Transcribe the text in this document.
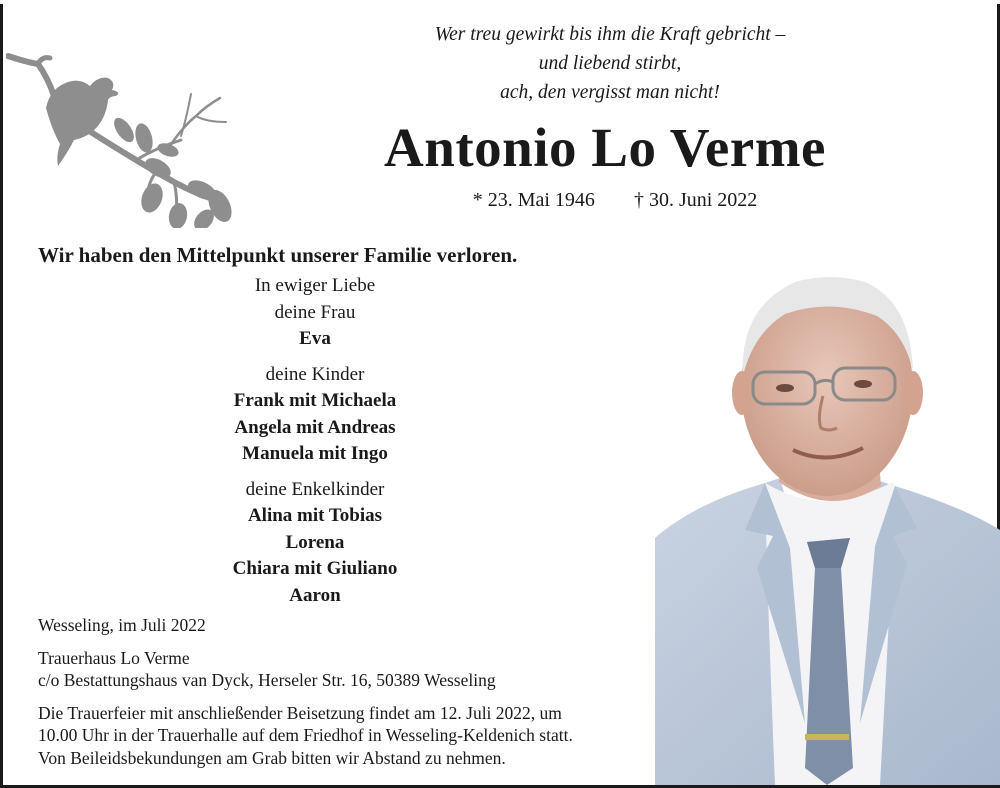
Wer treu gewirkt bis ihm die Kraft gebricht –
und liebend stirbt,
ach, den vergisst man nicht!
Antonio Lo Verme
* 23. Mai 1946 † 30. Juni 2022
Wir haben den Mittelpunkt unserer Familie verloren.
In ewiger Liebe
deine Frau
Eva
deine Kinder
Frank mit Michaela
Angela mit Andreas
Manuela mit Ingo
deine Enkelkinder
Alina mit Tobias
Lorena
Chiara mit Giuliano
Aaron
Wesseling, im Juli 2022
Trauerhaus Lo Verme
c/o Bestattungshaus van Dyck, Herseler Str. 16, 50389 Wesseling
Die Trauerfeier mit anschließender Beisetzung findet am 12. Juli 2022, um
10.00 Uhr in der Trauerhalle auf dem Friedhof in Wesseling-Keldenich statt.
Von Beileidsbekundungen am Grab bitten wir Abstand zu nehmen.
